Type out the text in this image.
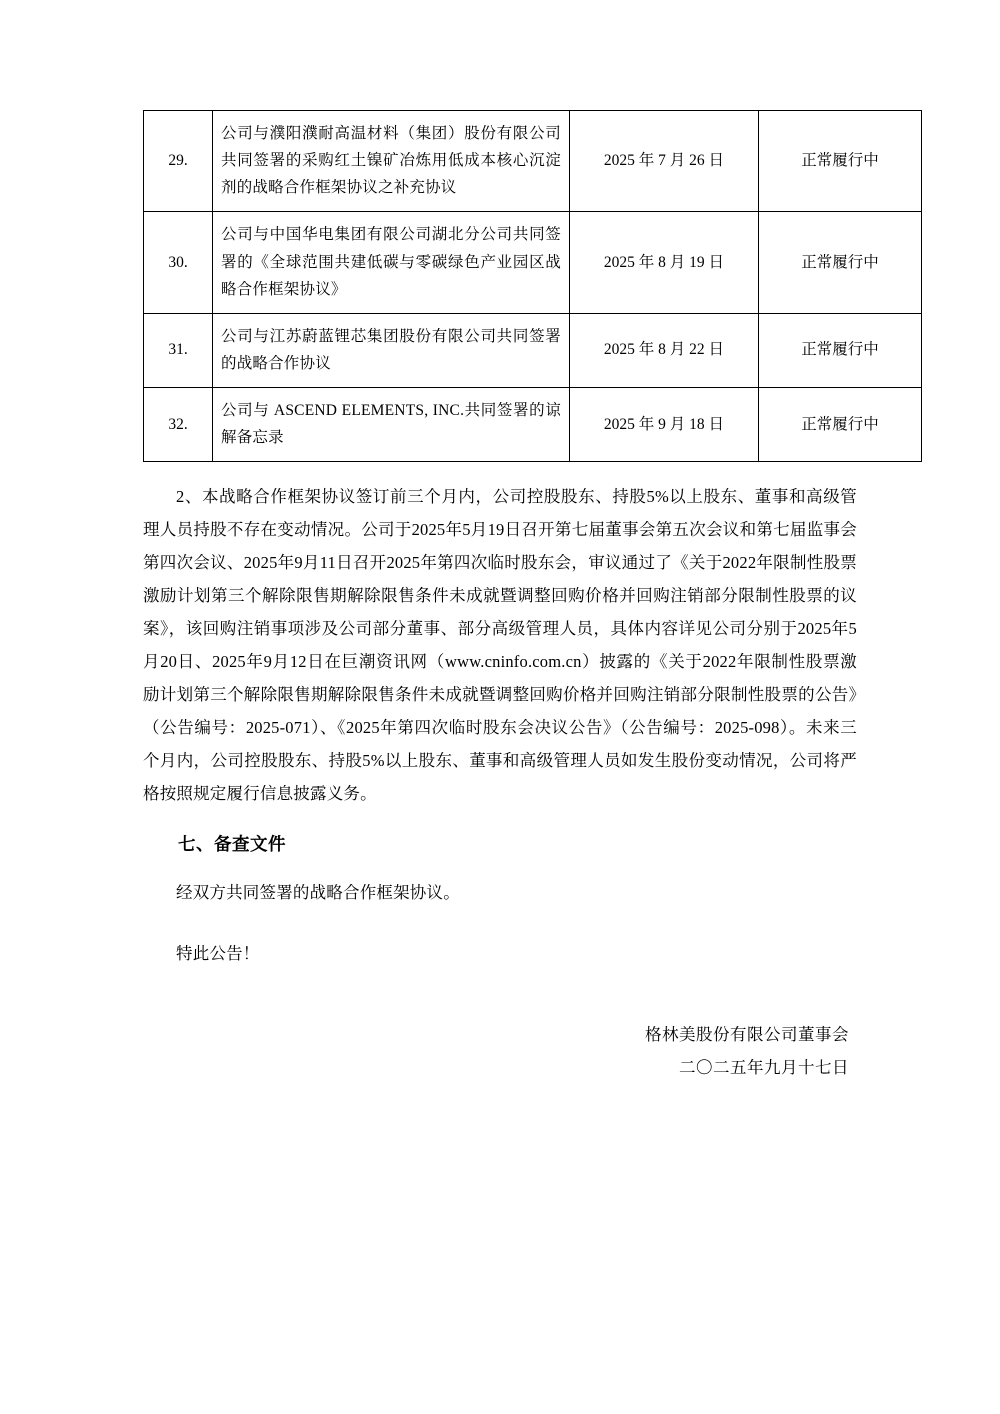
29.	公司与濮阳濮耐高温材料（集团）股份有限公司共同签署的采购红土镍矿冶炼用低成本核心沉淀剂的战略合作框架协议之补充协议	2025 年 7 月 26 日	正常履行中
30.	公司与中国华电集团有限公司湖北分公司共同签署的《全球范围共建低碳与零碳绿色产业园区战略合作框架协议》	2025 年 8 月 19 日	正常履行中
31.	公司与江苏蔚蓝锂芯集团股份有限公司共同签署的战略合作协议	2025 年 8 月 22 日	正常履行中
32.	公司与 ASCEND ELEMENTS, INC.共同签署的谅解备忘录	2025 年 9 月 18 日	正常履行中

2、本战略合作框架协议签订前三个月内，公司控股股东、持股5%以上股东、董事和高级管理人员持股不存在变动情况。公司于2025年5月19日召开第七届董事会第五次会议和第七届监事会第四次会议、2025年9月11日召开2025年第四次临时股东会，审议通过了《关于2022年限制性股票激励计划第三个解除限售期解除限售条件未成就暨调整回购价格并回购注销部分限制性股票的议案》，该回购注销事项涉及公司部分董事、部分高级管理人员，具体内容详见公司分别于2025年5月20日、2025年9月12日在巨潮资讯网（www.cninfo.com.cn）披露的《关于2022年限制性股票激励计划第三个解除限售期解除限售条件未成就暨调整回购价格并回购注销部分限制性股票的公告》（公告编号：2025-071）、《2025年第四次临时股东会决议公告》（公告编号：2025-098）。未来三个月内，公司控股股东、持股5%以上股东、董事和高级管理人员如发生股份变动情况，公司将严格按照规定履行信息披露义务。

七、备查文件

经双方共同签署的战略合作框架协议。

特此公告！

格林美股份有限公司董事会
二〇二五年九月十七日
